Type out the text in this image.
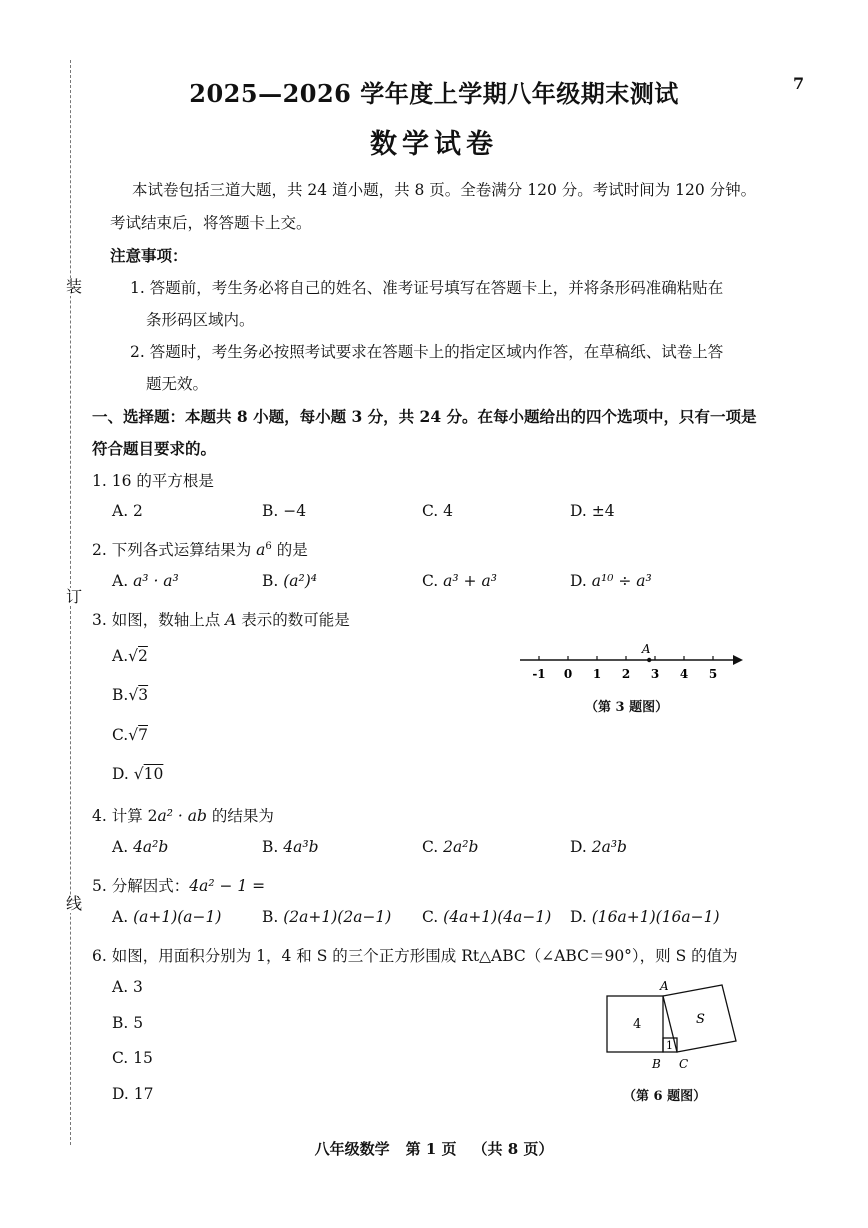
装
订
线
7
2025—2026 学年度上学期八年级期末测试
数学试卷
本试卷包括三道大题，共 24 道小题，共 8 页。全卷满分 120 分。考试时间为 120 分钟。
考试结束后，将答题卡上交。
注意事项：
1. 答题前，考生务必将自己的姓名、准考证号填写在答题卡上，并将条形码准确粘贴在
条形码区域内。
2. 答题时，考生务必按照考试要求在答题卡上的指定区域内作答，在草稿纸、试卷上答
题无效。
一、选择题：本题共 8 小题，每小题 3 分，共 24 分。在每小题给出的四个选项中，只有一项是
符合题目要求的。
1. 16 的平方根是
A. 2	B. −4	C. 4	D. ±4
2. 下列各式运算结果为 $a^6$ 的是
A. a³ · a³	B. (a²)⁴	C. a³ + a³	D. a¹⁰ ÷ a³
3. 如图，数轴上点 A 表示的数可能是
A.√2
B.√3
C.√7
D. √10
-1 0 1 2 3 4 5
A
（第 3 题图）
4. 计算 2a² · ab 的结果为
A. 4a²b	B. 4a³b	C. 2a²b	D. 2a³b
5. 分解因式：4a² − 1 =
A. (a+1)(a−1)	B. (2a+1)(2a−1) C. (4a+1)(4a−1) D. (16a+1)(16a−1)
6. 如图，用面积分别为 1，4 和 S 的三个正方形围成 Rt△ABC（∠ABC＝90°），则 S 的值为
A. 3
B. 5
C. 15
D. 17
A
B C
4
1
S
（第 6 题图）
八年级数学 第 1 页 （共 8 页）
